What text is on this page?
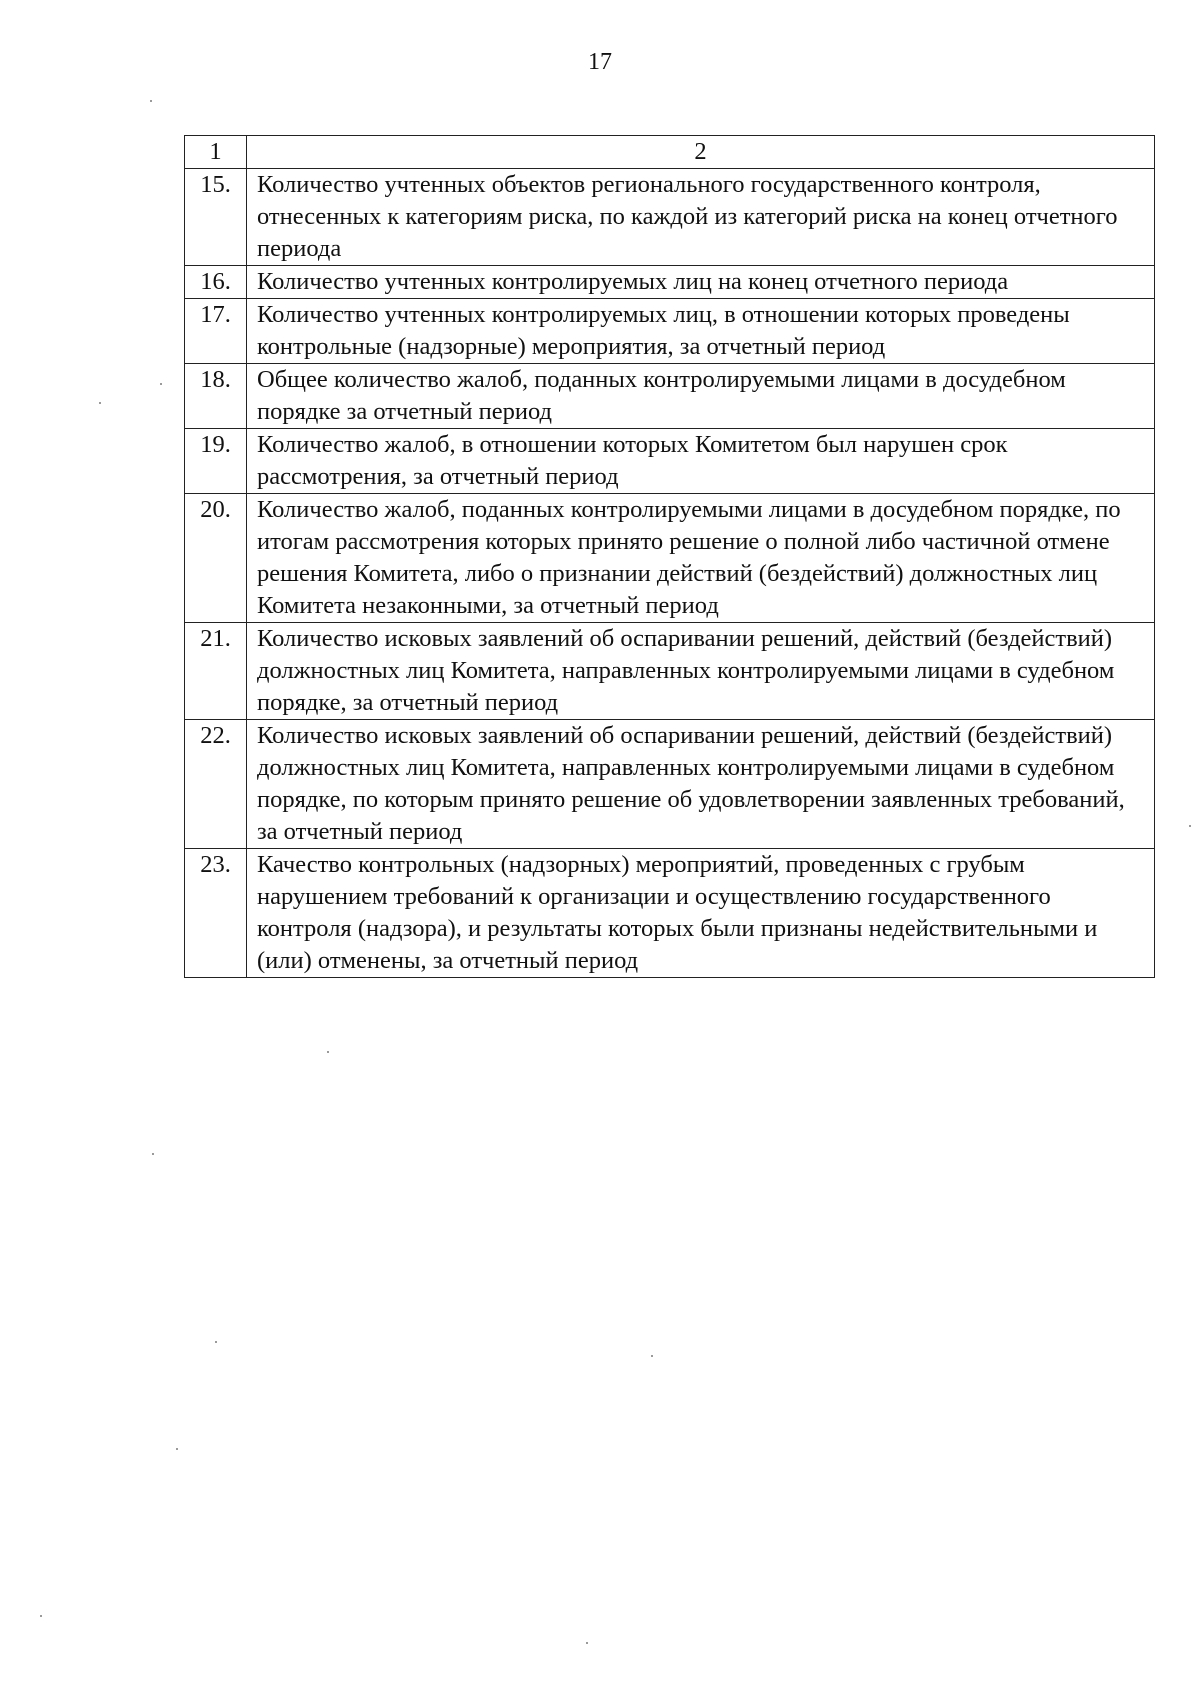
17
1	2
15.	Количество учтенных объектов регионального государственного контроля, отнесенных к категориям риска, по каждой из категорий риска на конец отчетного периода
16.	Количество учтенных контролируемых лиц на конец отчетного периода
17.	Количество учтенных контролируемых лиц, в отношении которых проведены контрольные (надзорные) мероприятия, за отчетный период
18.	Общее количество жалоб, поданных контролируемыми лицами в досудебном порядке за отчетный период
19.	Количество жалоб, в отношении которых Комитетом был нарушен срок рассмотрения, за отчетный период
20.	Количество жалоб, поданных контролируемыми лицами в досудебном порядке, по итогам рассмотрения которых принято решение о полной либо частичной отмене решения Комитета, либо о признании действий (бездействий) должностных лиц Комитета незаконными, за отчетный период
21.	Количество исковых заявлений об оспаривании решений, действий (бездействий) должностных лиц Комитета, направленных контролируемыми лицами в судебном порядке, за отчетный период
22.	Количество исковых заявлений об оспаривании решений, действий (бездействий) должностных лиц Комитета, направленных контролируемыми лицами в судебном порядке, по которым принято решение об удовлетворении заявленных требований, за отчетный период
23.	Качество контрольных (надзорных) мероприятий, проведенных с грубым нарушением требований к организации и осуществлению государственного контроля (надзора), и результаты которых были признаны недействительными и (или) отменены, за отчетный период
